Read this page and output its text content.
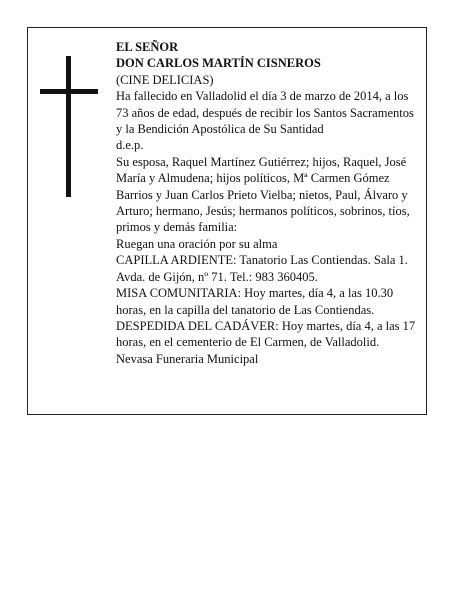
EL SEÑOR

DON CARLOS MARTÍN CISNEROS

(CINE DELICIAS)

Ha fallecido en Valladolid el día 3 de marzo de 2014, a los 73 años de edad, después de recibir los Santos Sacramentos y la Bendición Apostólica de Su Santidad

d.e.p.

Su esposa, Raquel Martínez Gutiérrez; hijos, Raquel, José María y Almudena; hijos políticos, Mª Carmen Gómez Barrios y Juan Carlos Prieto Vielba; nietos, Paul, Álvaro y Arturo; hermano, Jesús; hermanos políticos, sobrinos, tíos, primos y demás familia:

Ruegan una oración por su alma

CAPILLA ARDIENTE: Tanatorio Las Contiendas. Sala 1. Avda. de Gijón, nº 71. Tel.: 983 360405.

MISA COMUNITARIA: Hoy martes, día 4, a las 10.30 horas, en la capilla del tanatorio de Las Contiendas.

DESPEDIDA DEL CADÁVER: Hoy martes, día 4, a las 17 horas, en el cementerio de El Carmen, de Valladolid.

Nevasa Funeraria Municipal
